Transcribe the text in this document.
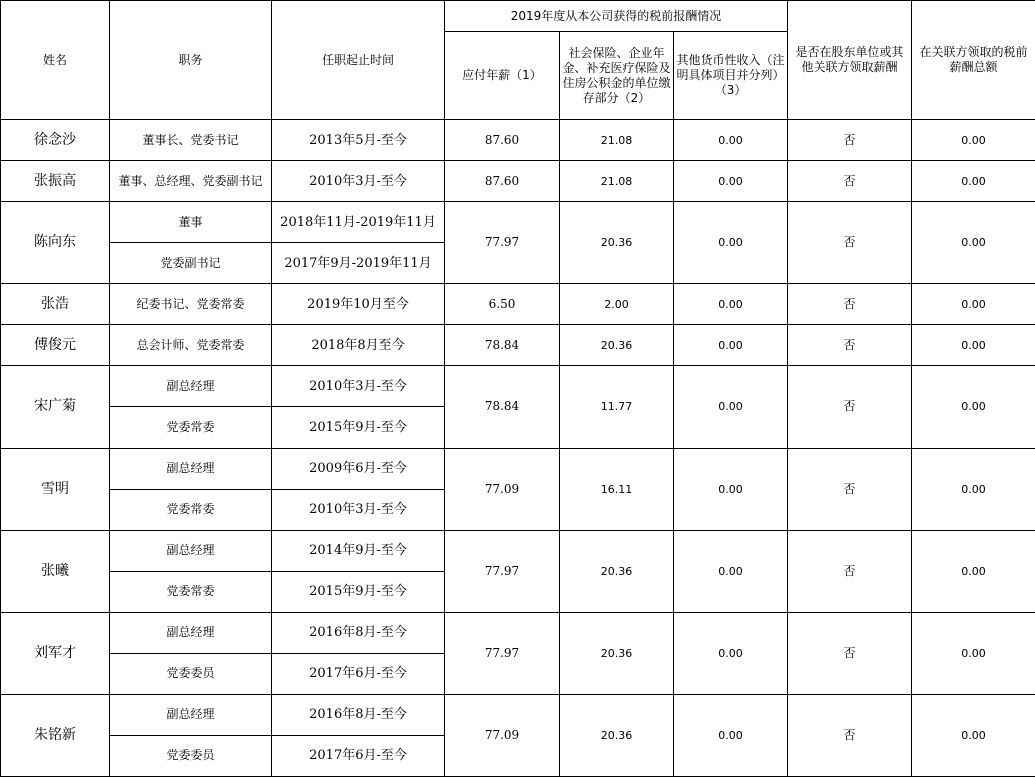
姓名	职务	任职起止时间	2019年度从本公司获得的税前报酬情况			是否在股东单位或其他关联方领取薪酬	在关联方领取的税前薪酬总额
			应付年薪（1）	社会保险、企业年金、补充医疗保险及住房公积金的单位缴存部分（2）	其他货币性收入（注明具体项目并分列）（3）		
徐念沙	董事长、党委书记	2013年5月-至今	87.60	21.08	0.00	否	0.00
张振高	董事、总经理、党委副书记	2010年3月-至今	87.60	21.08	0.00	否	0.00
陈向东	董事	2018年11月-2019年11月	77.97	20.36	0.00	否	0.00
	党委副书记	2017年9月-2019年11月					
张浩	纪委书记、党委常委	2019年10月至今	6.50	2.00	0.00	否	0.00
傅俊元	总会计师、党委常委	2018年8月至今	78.84	20.36	0.00	否	0.00
宋广菊	副总经理	2010年3月-至今	78.84	11.77	0.00	否	0.00
	党委常委	2015年9月-至今					
雪明	副总经理	2009年6月-至今	77.09	16.11	0.00	否	0.00
	党委常委	2010年3月-至今					
张曦	副总经理	2014年9月-至今	77.97	20.36	0.00	否	0.00
	党委常委	2015年9月-至今					
刘军才	副总经理	2016年8月-至今	77.97	20.36	0.00	否	0.00
	党委委员	2017年6月-至今					
朱铭新	副总经理	2016年8月-至今	77.09	20.36	0.00	否	0.00
	党委委员	2017年6月-至今					
